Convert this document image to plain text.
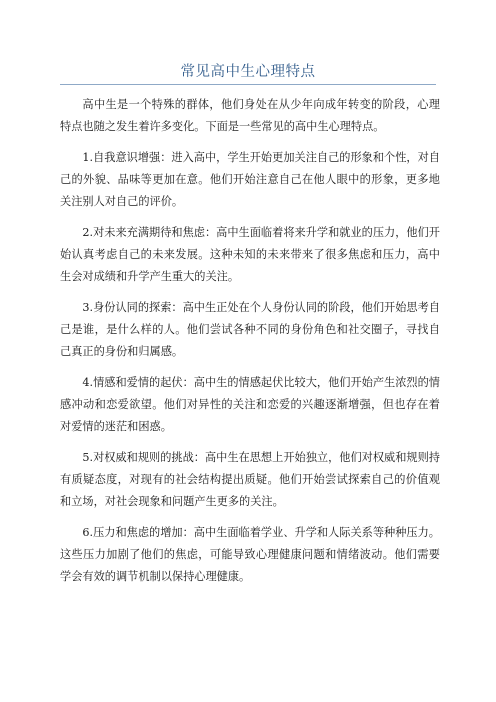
常见高中生心理特点

高中生是一个特殊的群体，他们身处在从少年向成年转变的阶段，心理特点也随之发生着许多变化。下面是一些常见的高中生心理特点。

1.自我意识增强：进入高中，学生开始更加关注自己的形象和个性，对自己的外貌、品味等更加在意。他们开始注意自己在他人眼中的形象，更多地关注别人对自己的评价。

2.对未来充满期待和焦虑：高中生面临着将来升学和就业的压力，他们开始认真考虑自己的未来发展。这种未知的未来带来了很多焦虑和压力，高中生会对成绩和升学产生重大的关注。

3.身份认同的探索：高中生正处在个人身份认同的阶段，他们开始思考自己是谁，是什么样的人。他们尝试各种不同的身份角色和社交圈子，寻找自己真正的身份和归属感。

4.情感和爱情的起伏：高中生的情感起伏比较大，他们开始产生浓烈的情感冲动和恋爱欲望。他们对异性的关注和恋爱的兴趣逐渐增强，但也存在着对爱情的迷茫和困惑。

5.对权威和规则的挑战：高中生在思想上开始独立，他们对权威和规则持有质疑态度，对现有的社会结构提出质疑。他们开始尝试探索自己的价值观和立场，对社会现象和问题产生更多的关注。

6.压力和焦虑的增加：高中生面临着学业、升学和人际关系等种种压力。这些压力加剧了他们的焦虑，可能导致心理健康问题和情绪波动。他们需要学会有效的调节机制以保持心理健康。
